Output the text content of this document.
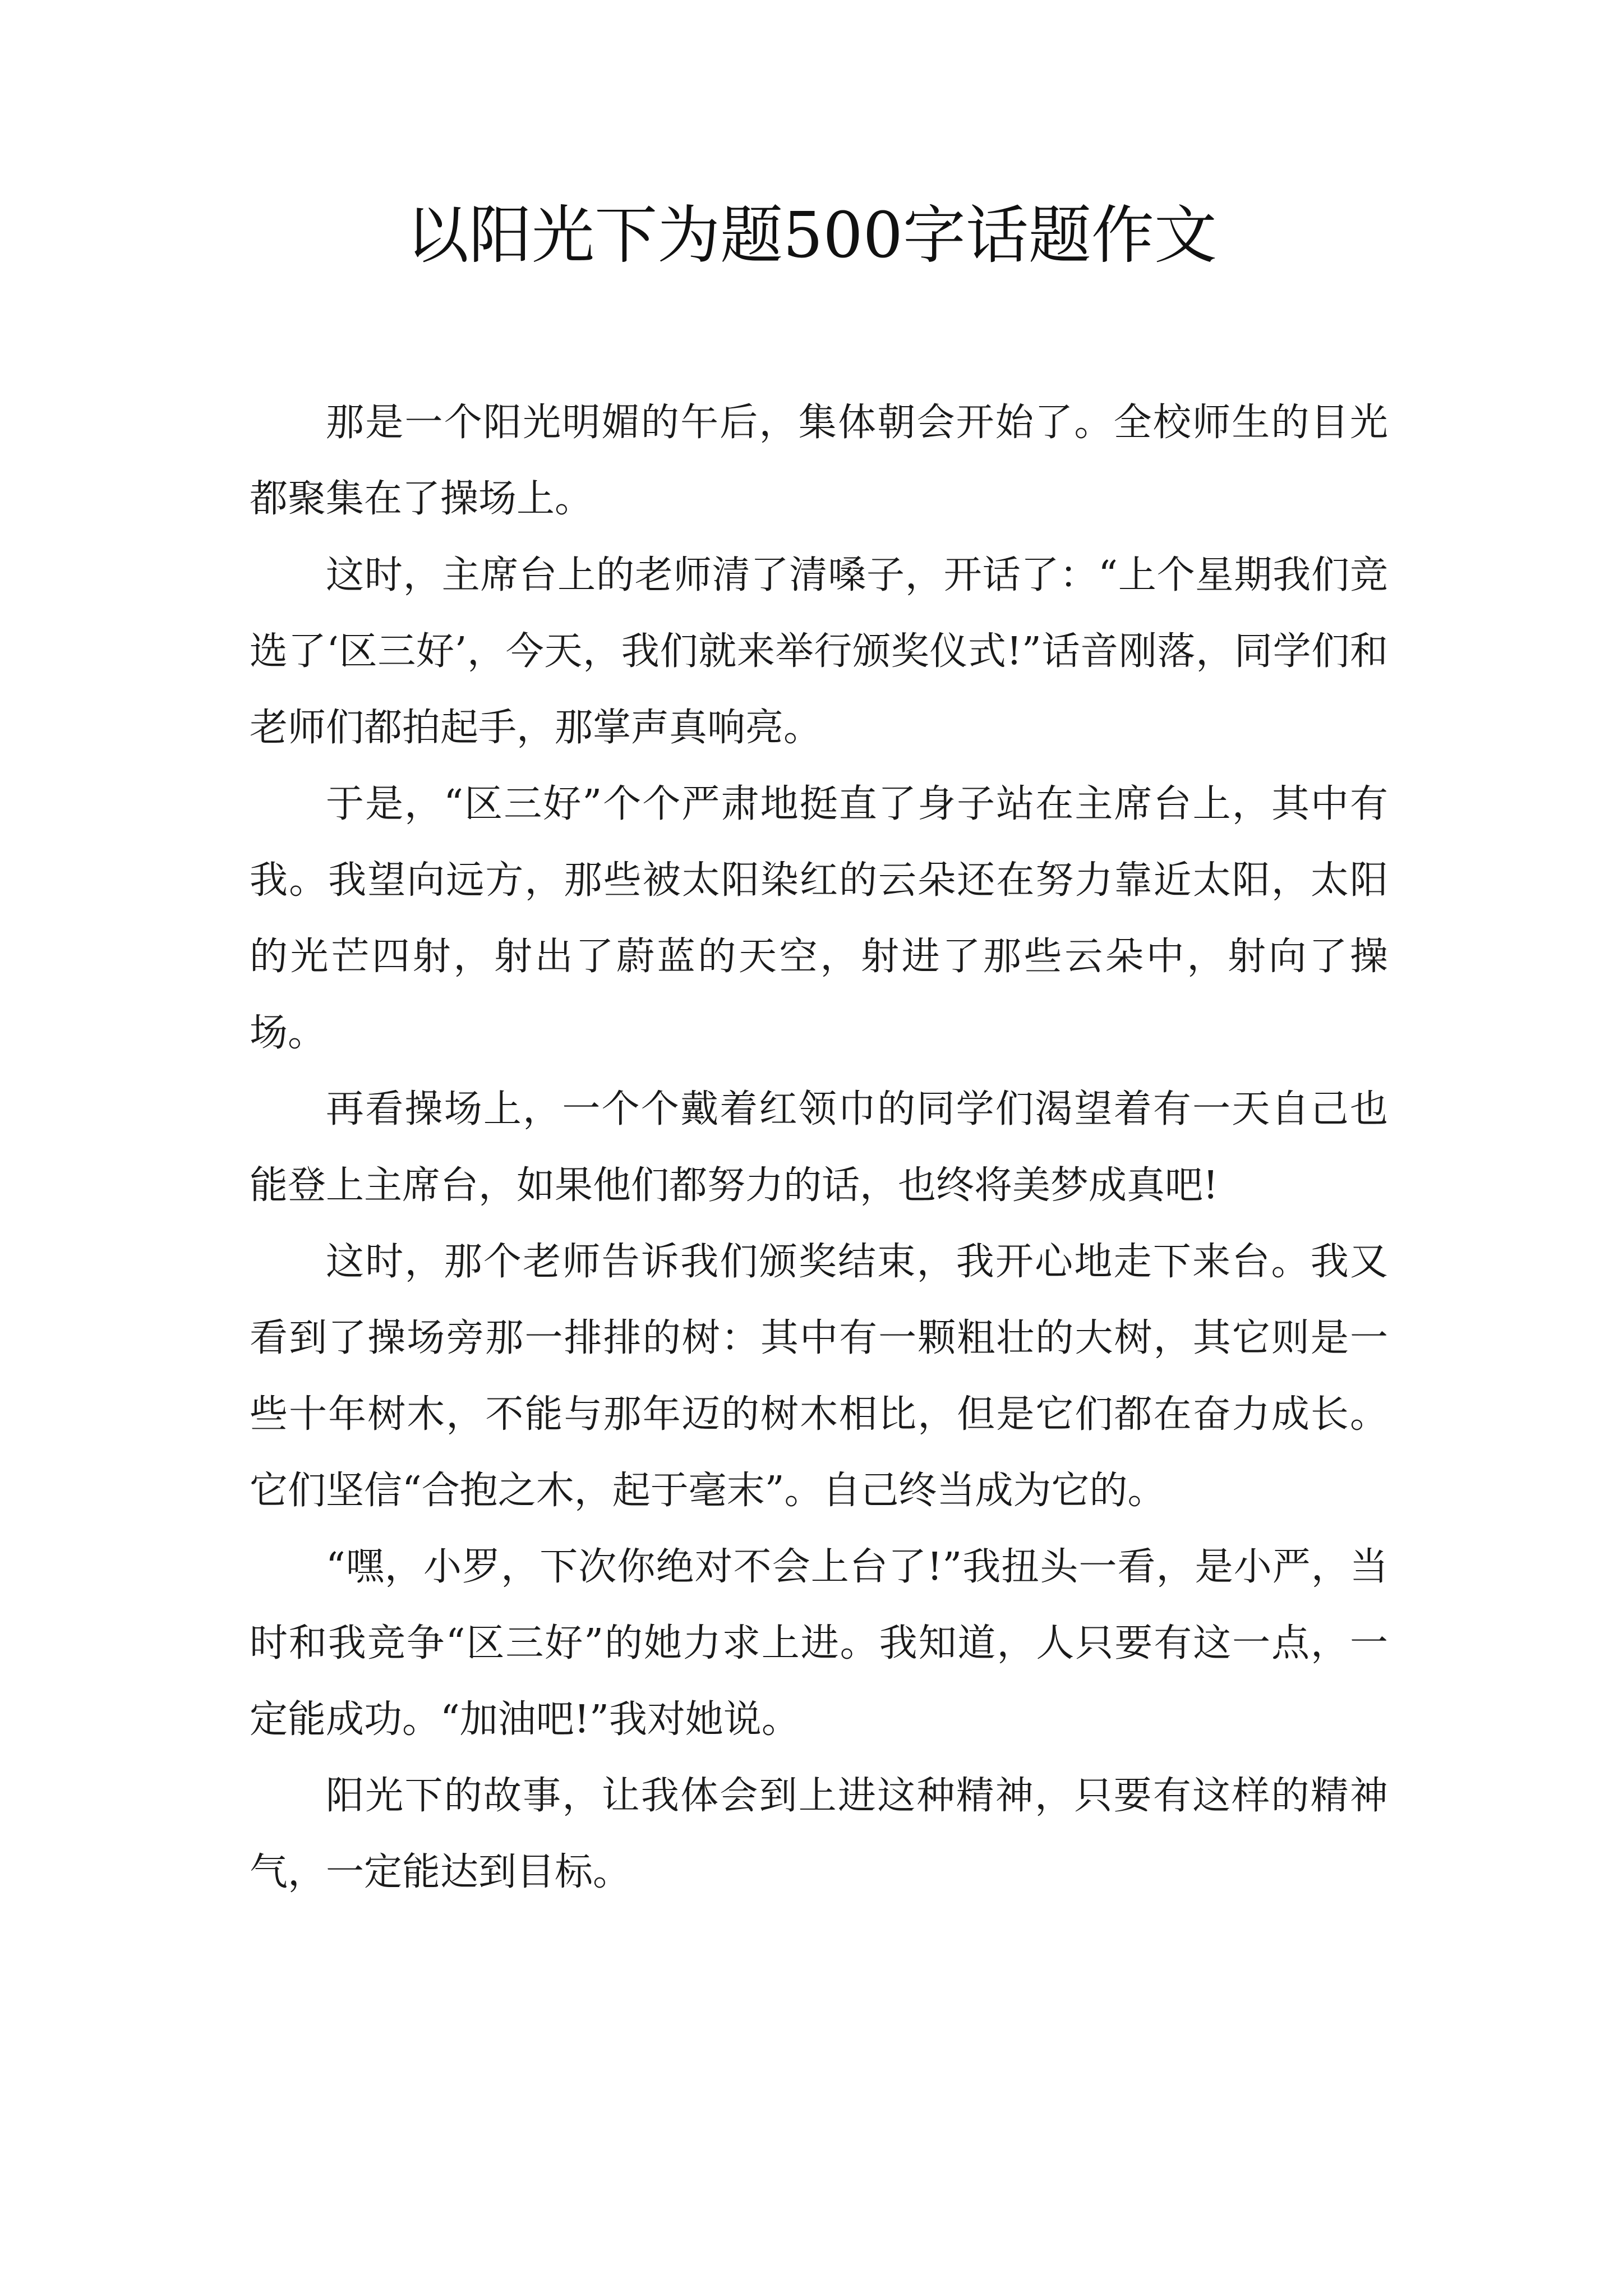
以阳光下为题500字话题作文

那是一个阳光明媚的午后，集体朝会开始了。全校师生的目光都聚集在了操场上。

这时，主席台上的老师清了清嗓子，开话了：“上个星期我们竞选了‘区三好’，今天，我们就来举行颁奖仪式!”话音刚落，同学们和老师们都拍起手，那掌声真响亮。

于是，“区三好”个个严肃地挺直了身子站在主席台上，其中有我。我望向远方，那些被太阳染红的云朵还在努力靠近太阳，太阳的光芒四射，射出了蔚蓝的天空，射进了那些云朵中，射向了操场。

再看操场上，一个个戴着红领巾的同学们渴望着有一天自己也能登上主席台，如果他们都努力的话，也终将美梦成真吧!

这时，那个老师告诉我们颁奖结束，我开心地走下来台。我又看到了操场旁那一排排的树：其中有一颗粗壮的大树，其它则是一些十年树木，不能与那年迈的树木相比，但是它们都在奋力成长。它们坚信“合抱之木，起于毫末”。自己终当成为它的。

“嘿，小罗，下次你绝对不会上台了!”我扭头一看，是小严，当时和我竞争“区三好”的她力求上进。我知道，人只要有这一点，一定能成功。“加油吧!”我对她说。

阳光下的故事，让我体会到上进这种精神，只要有这样的精神气，一定能达到目标。
